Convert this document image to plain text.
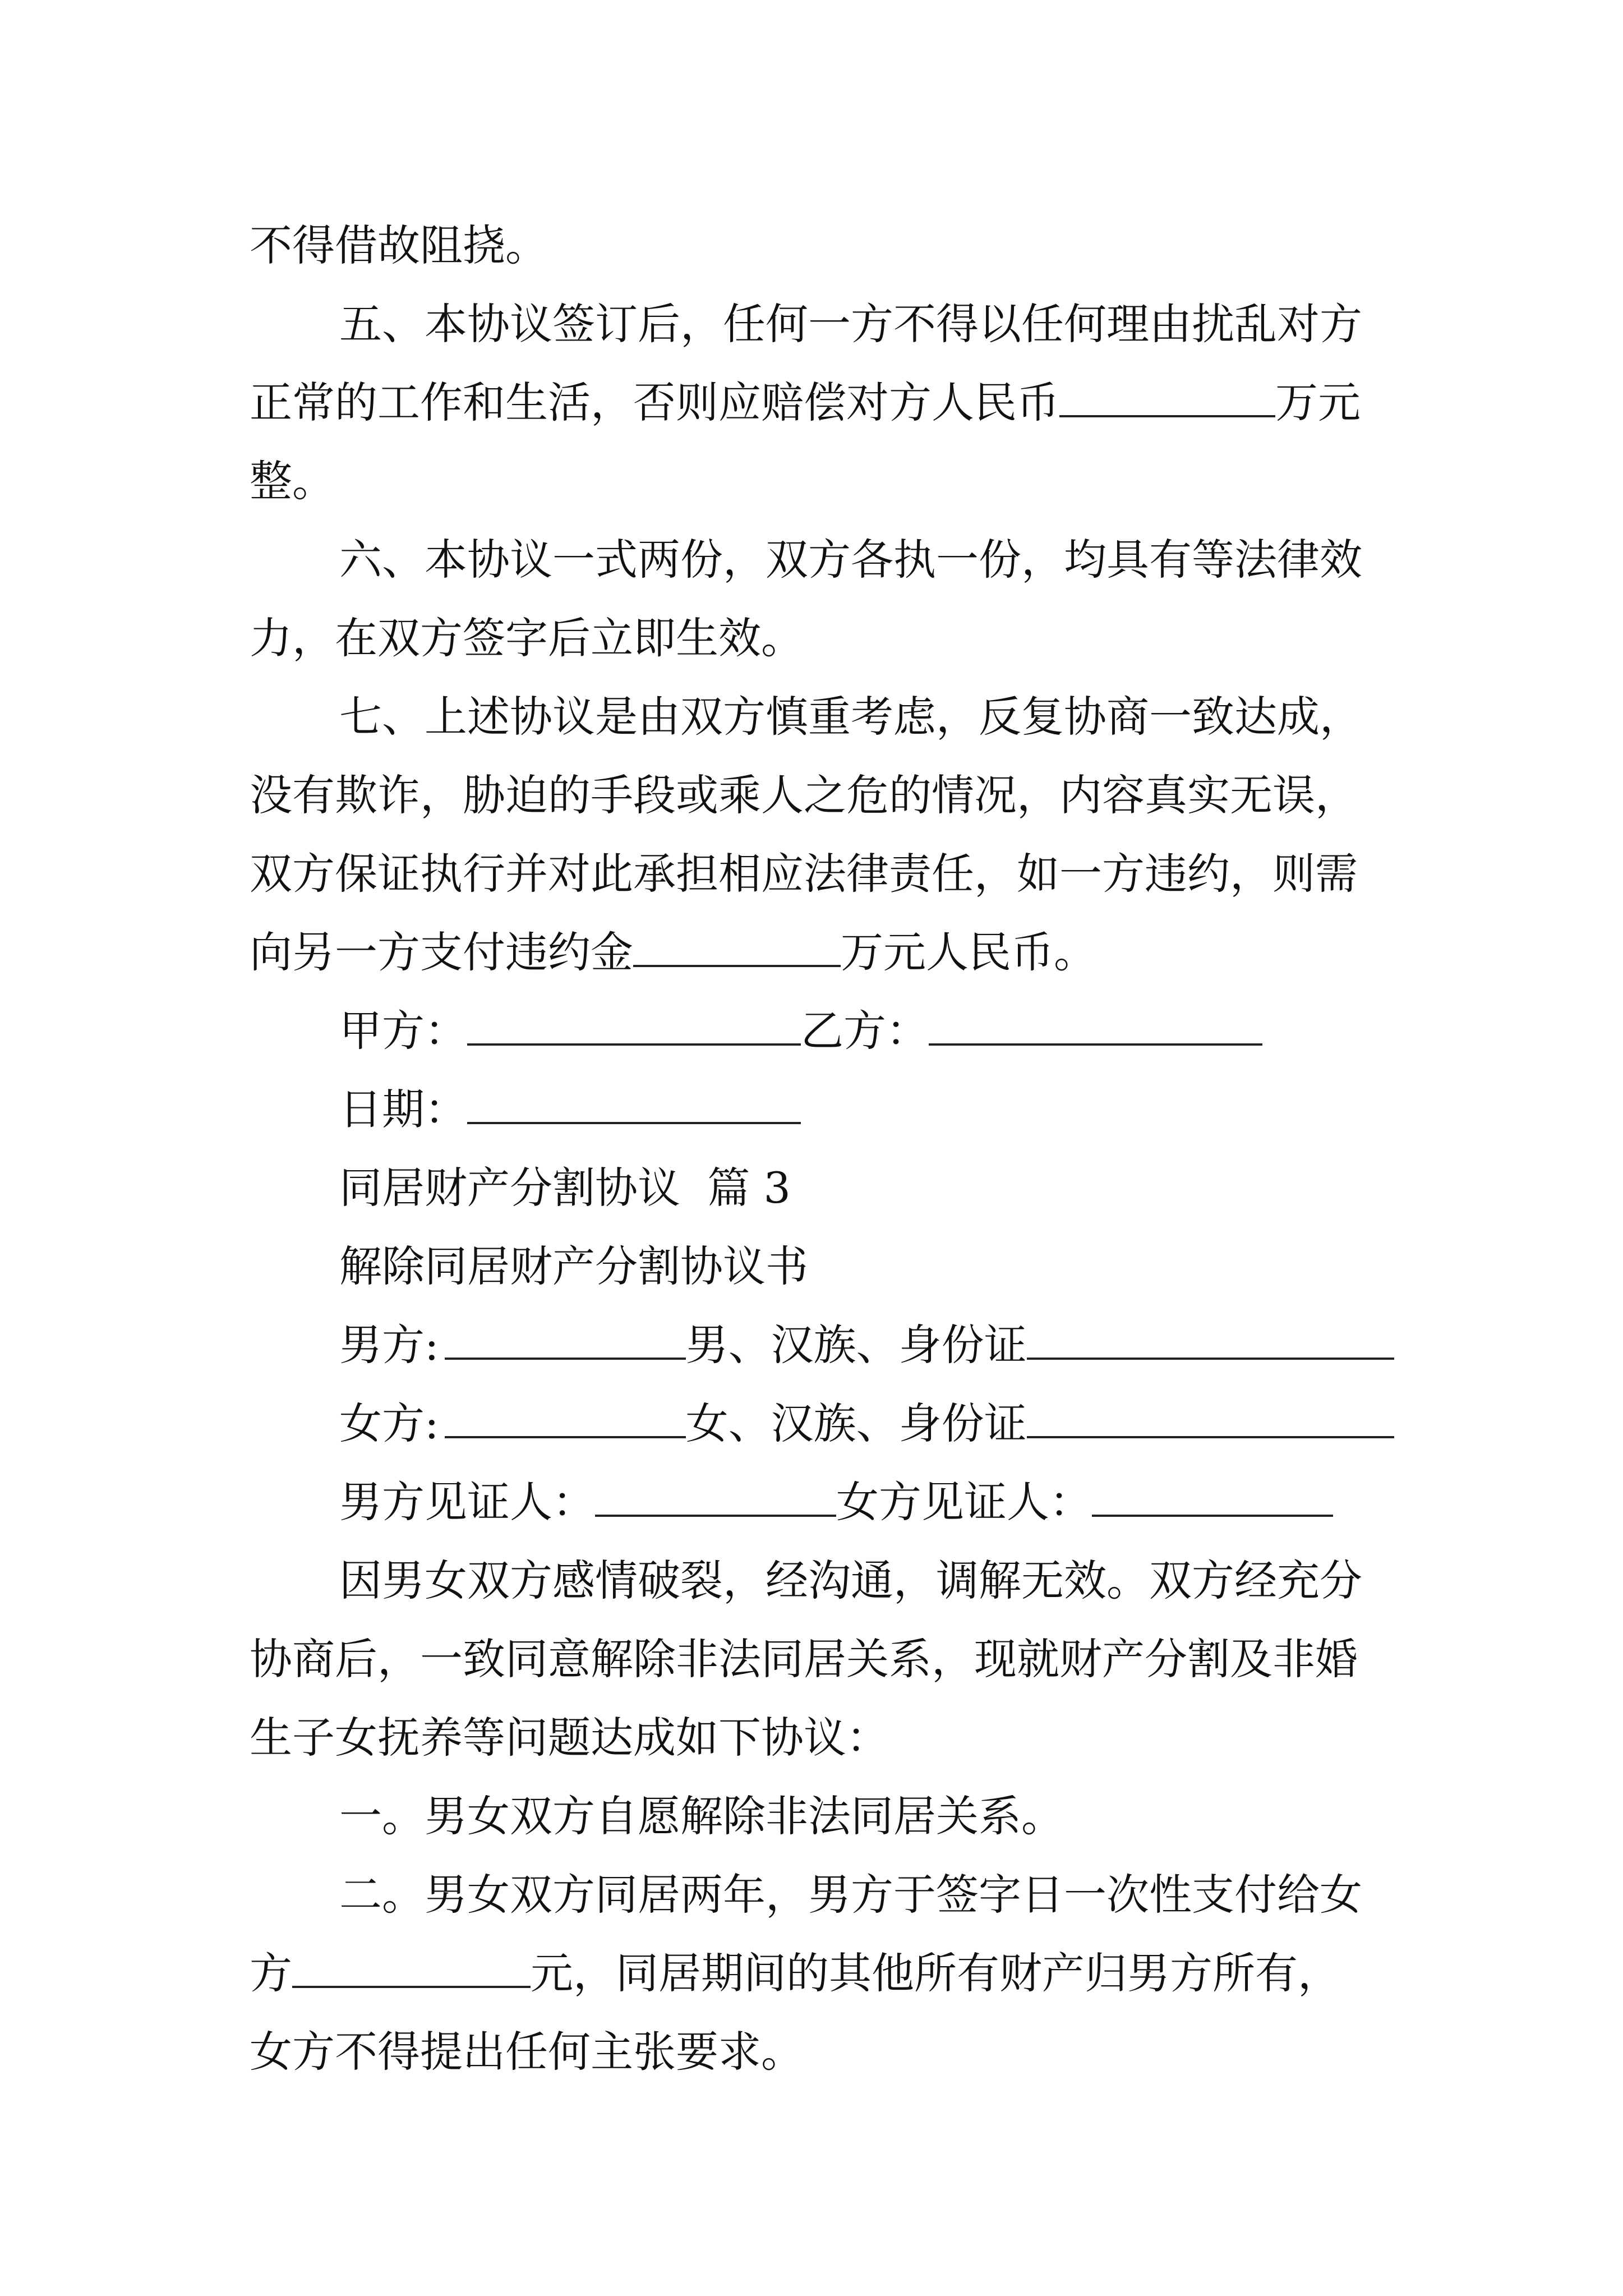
不得借故阻挠。
五、本协议签订后，任何一方不得以任何理由扰乱对方
正常的工作和生活，否则应赔偿对方人民币	万元
整。
六、本协议一式两份，双方各执一份，均具有等法律效
力，在双方签字后立即生效。
七、上述协议是由双方慎重考虑，反复协商一致达成，
没有欺诈，胁迫的手段或乘人之危的情况，内容真实无误，
双方保证执行并对此承担相应法律责任，如一方违约，则需
向另一方支付违约金	万元人民币。
甲方：	乙方：
日期：
同居财产分割协议  篇 3
解除同居财产分割协议书
男方:	男、汉族、身份证
女方:	女、汉族、身份证
男方见证人：	女方见证人：
因男女双方感情破裂，经沟通，调解无效。双方经充分
协商后，一致同意解除非法同居关系，现就财产分割及非婚
生子女抚养等问题达成如下协议：
一。男女双方自愿解除非法同居关系。
二。男女双方同居两年，男方于签字日一次性支付给女
方	元，同居期间的其他所有财产归男方所有，
女方不得提出任何主张要求。
